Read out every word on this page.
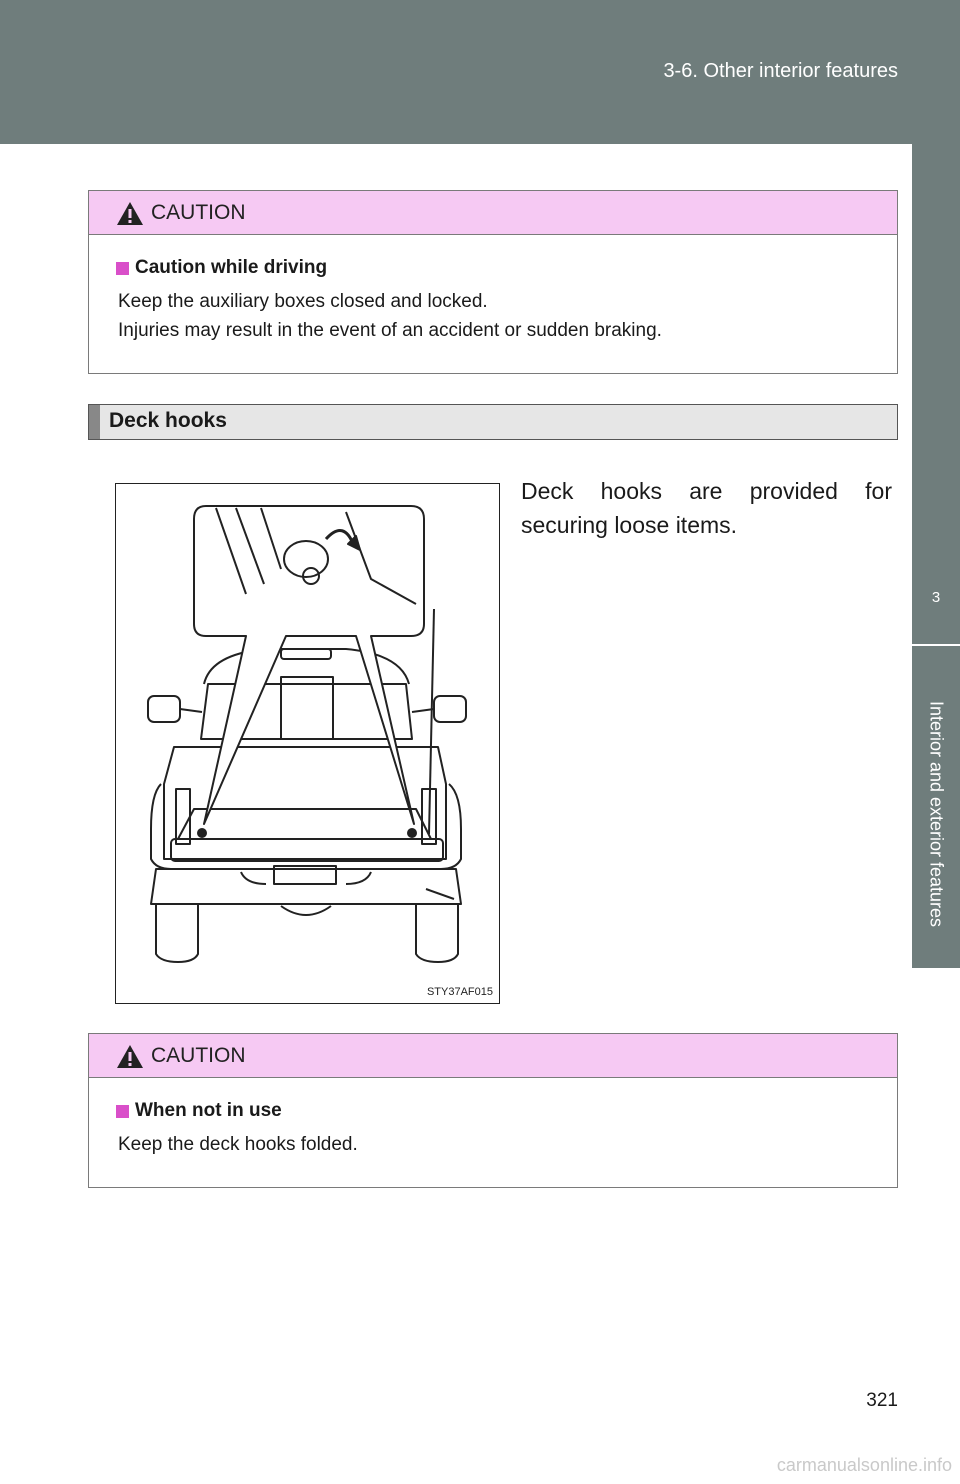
3-6. Other interior features
3
Interior and exterior features
CAUTION
Caution while driving
Keep the auxiliary boxes closed and locked.
Injuries may result in the event of an accident or sudden braking.
Deck hooks
STY37AF015
Deck hooks are provided for securing loose items.
CAUTION
When not in use
Keep the deck hooks folded.
321
carmanualsonline.info
